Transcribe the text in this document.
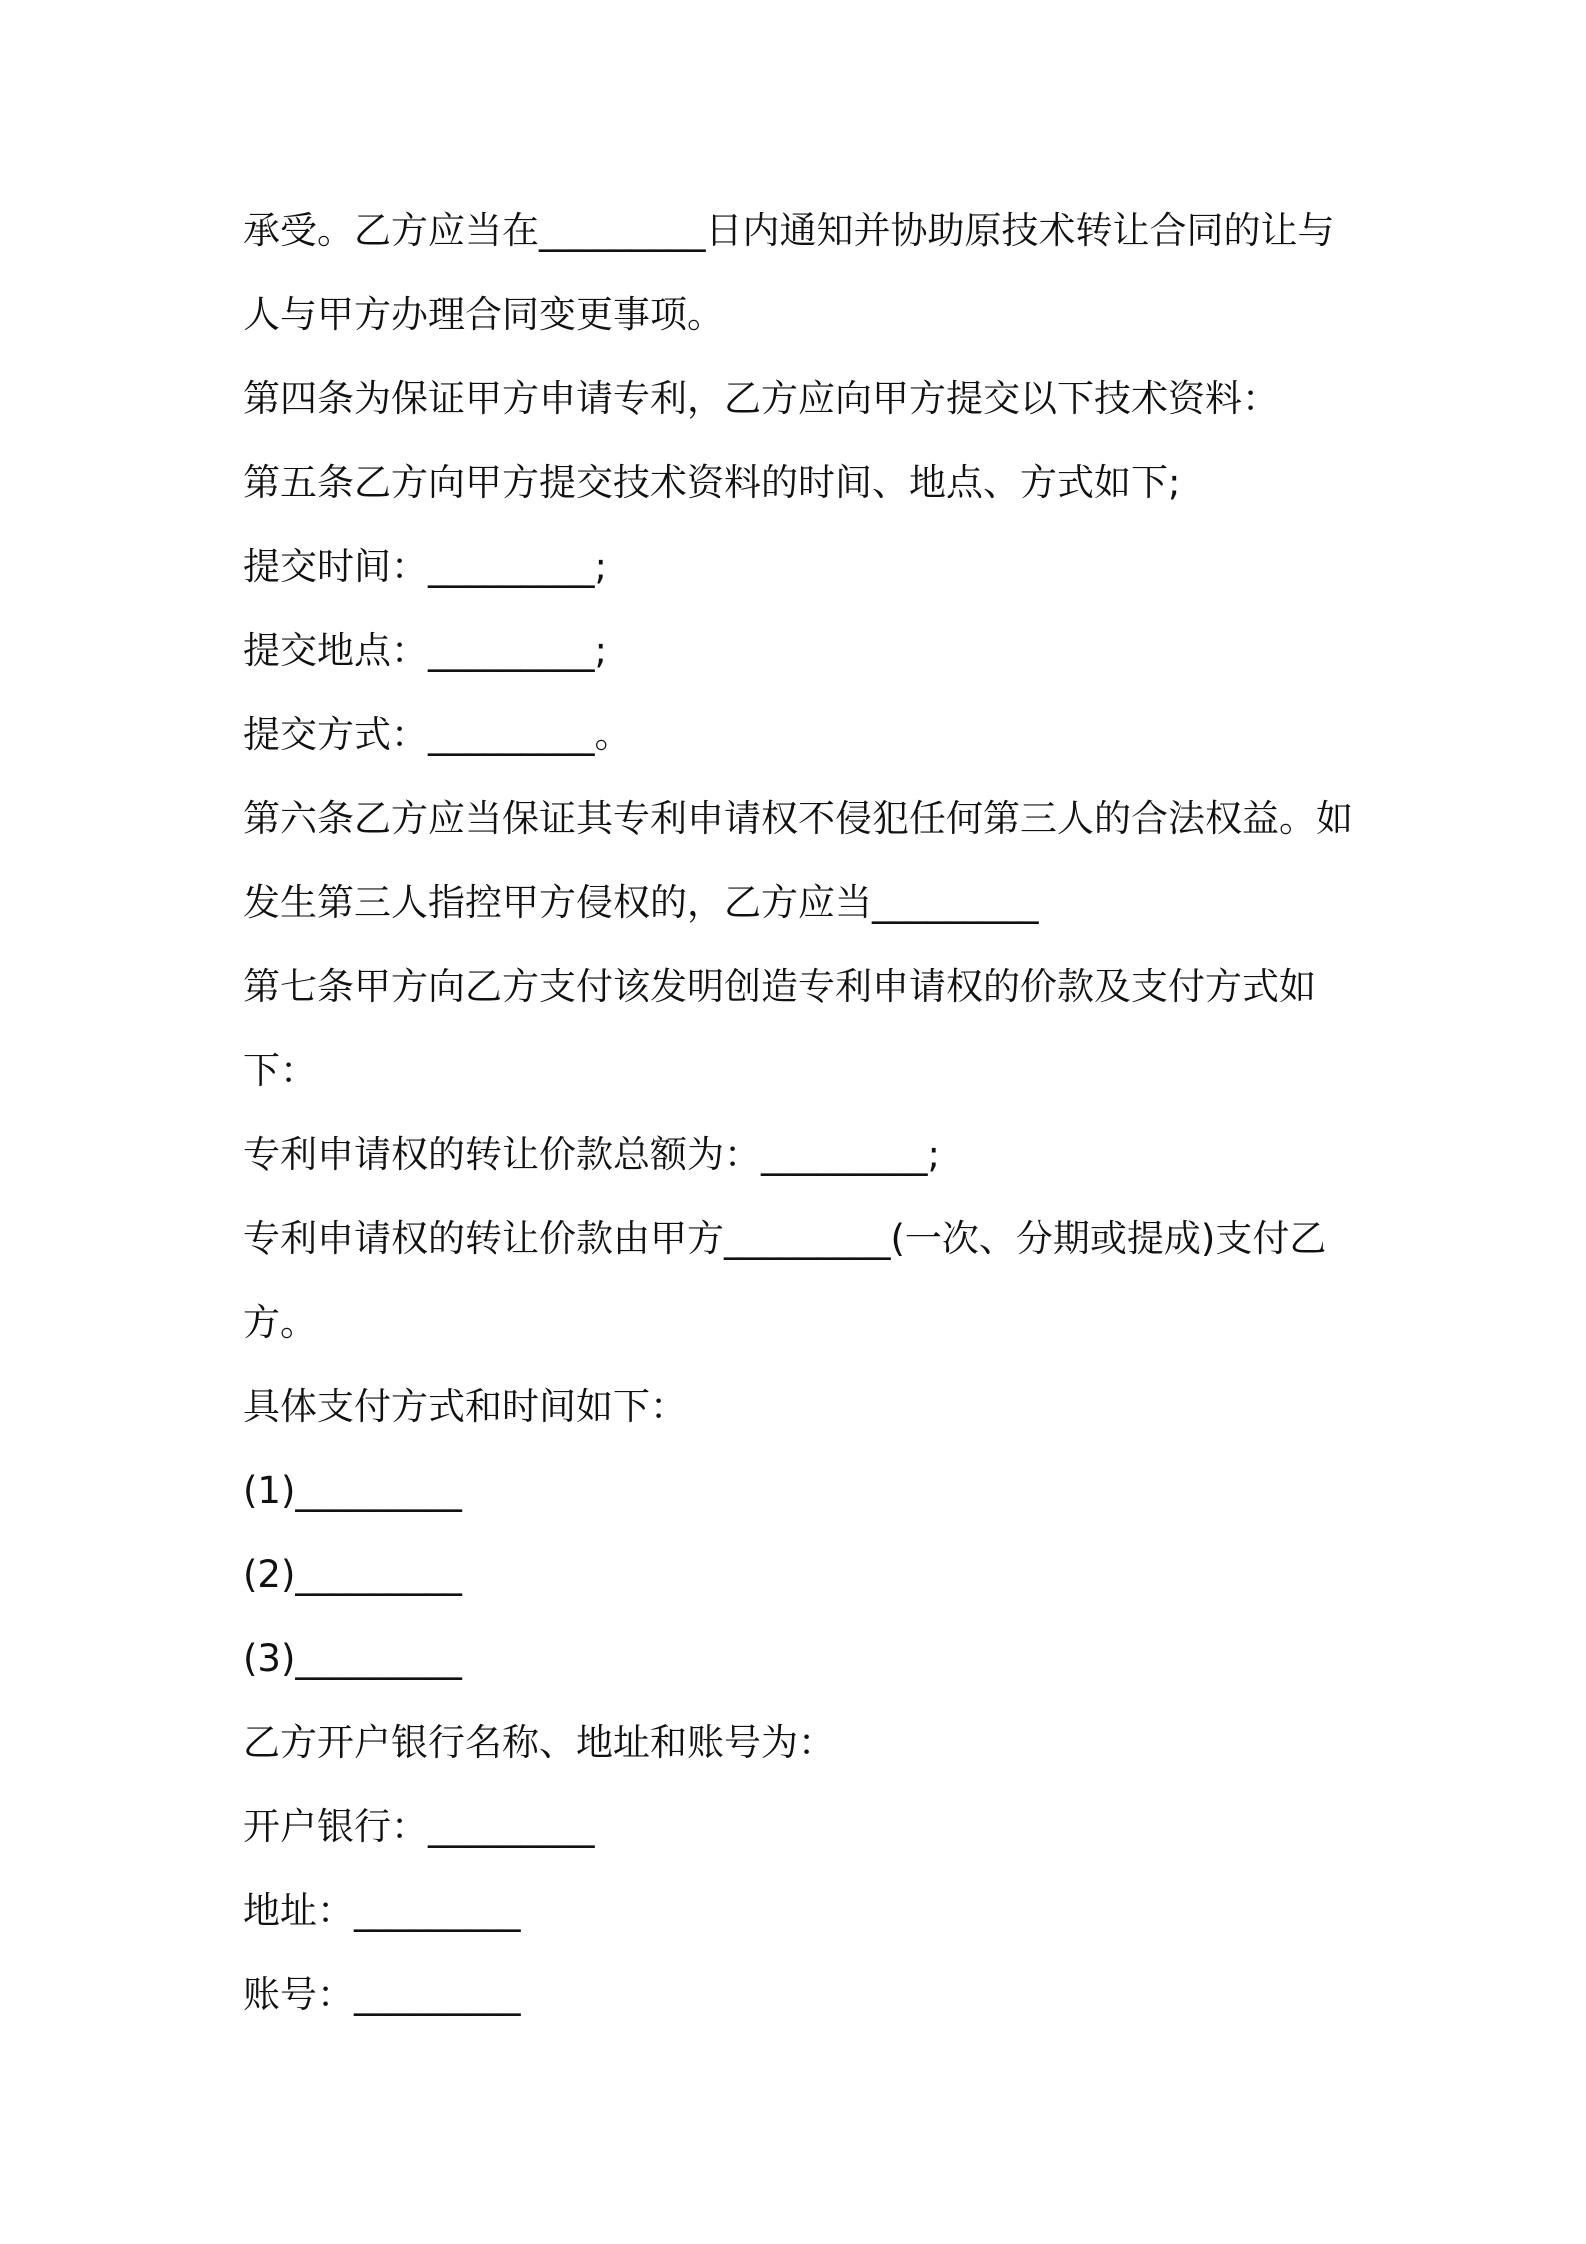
承受。乙方应当在_________日内通知并协助原技术转让合同的让与

人与甲方办理合同变更事项。

第四条为保证甲方申请专利，乙方应向甲方提交以下技术资料：

第五条乙方向甲方提交技术资料的时间、地点、方式如下;

提交时间：_________;

提交地点：_________;

提交方式：_________。

第六条乙方应当保证其专利申请权不侵犯任何第三人的合法权益。如

发生第三人指控甲方侵权的，乙方应当_________

第七条甲方向乙方支付该发明创造专利申请权的价款及支付方式如

下：

专利申请权的转让价款总额为：_________;

专利申请权的转让价款由甲方_________(一次、分期或提成)支付乙

方。

具体支付方式和时间如下：

(1)_________

(2)_________

(3)_________

乙方开户银行名称、地址和账号为：

开户银行：_________

地址：_________

账号：_________
